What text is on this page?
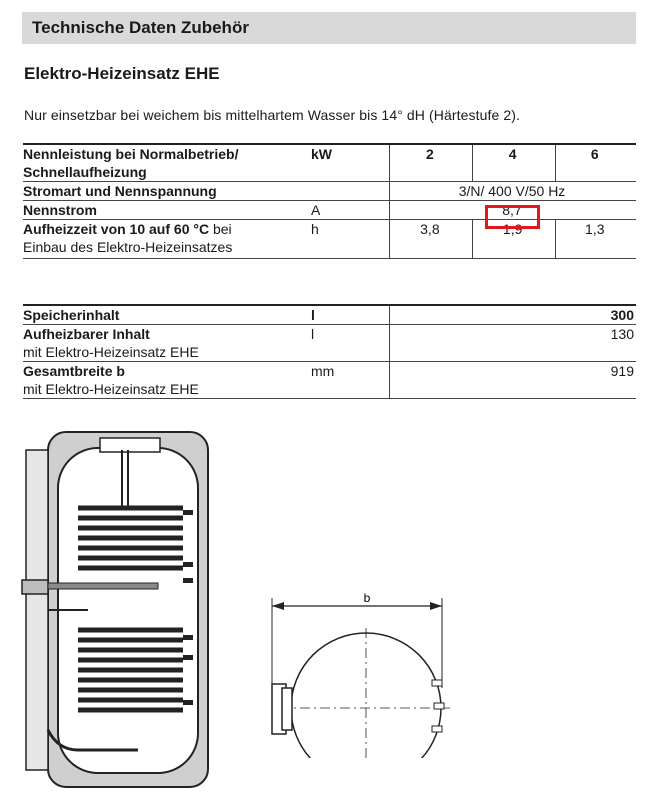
Technische Daten Zubehör
Elektro-Heizeinsatz EHE
Nur einsetzbar bei weichem bis mittelhartem Wasser bis 14° dH (Härtestufe 2).
Nennleistung bei Normalbetrieb/
Schnellaufheizung	kW	2	4	6
Stromart und Nennspannung		3/N/ 400 V/50 Hz		
Nennstrom	A	8,7		
Aufheizzeit von 10 auf 60 °C bei
Einbau des Elektro-Heizeinsatzes	h	3,8	1,9	1,3
Speicherinhalt	l	300
Aufheizbarer Inhalt
mit Elektro-Heizeinsatz EHE	l	130
Gesamtbreite b
mit Elektro-Heizeinsatz EHE	mm	919
b
